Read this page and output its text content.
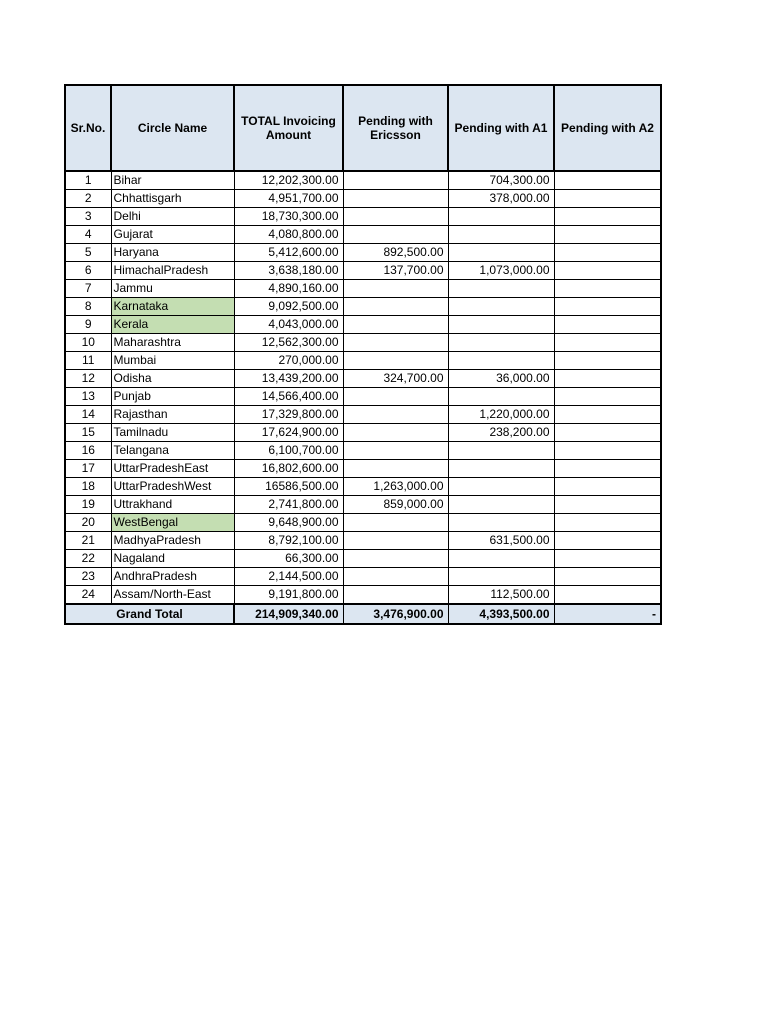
Sr.No.	Circle Name	TOTAL Invoicing Amount	Pending with Ericsson	Pending with A1	Pending with A2
1	Bihar	12,202,300.00		704,300.00	
2	Chhattisgarh	4,951,700.00		378,000.00	
3	Delhi	18,730,300.00			
4	Gujarat	4,080,800.00			
5	Haryana	5,412,600.00	892,500.00		
6	HimachalPradesh	3,638,180.00	137,700.00	1,073,000.00	
7	Jammu	4,890,160.00			
8	Karnataka	9,092,500.00			
9	Kerala	4,043,000.00			
10	Maharashtra	12,562,300.00			
11	Mumbai	270,000.00			
12	Odisha	13,439,200.00	324,700.00	36,000.00	
13	Punjab	14,566,400.00			
14	Rajasthan	17,329,800.00		1,220,000.00	
15	Tamilnadu	17,624,900.00		238,200.00	
16	Telangana	6,100,700.00			
17	UttarPradeshEast	16,802,600.00			
18	UttarPradeshWest	16586,500.00	1,263,000.00		
19	Uttrakhand	2,741,800.00	859,000.00		
20	WestBengal	9,648,900.00			
21	MadhyaPradesh	8,792,100.00		631,500.00	
22	Nagaland	66,300.00			
23	AndhraPradesh	2,144,500.00			
24	Assam/North-East	9,191,800.00		112,500.00	
Grand Total		214,909,340.00	3,476,900.00	4,393,500.00	-
